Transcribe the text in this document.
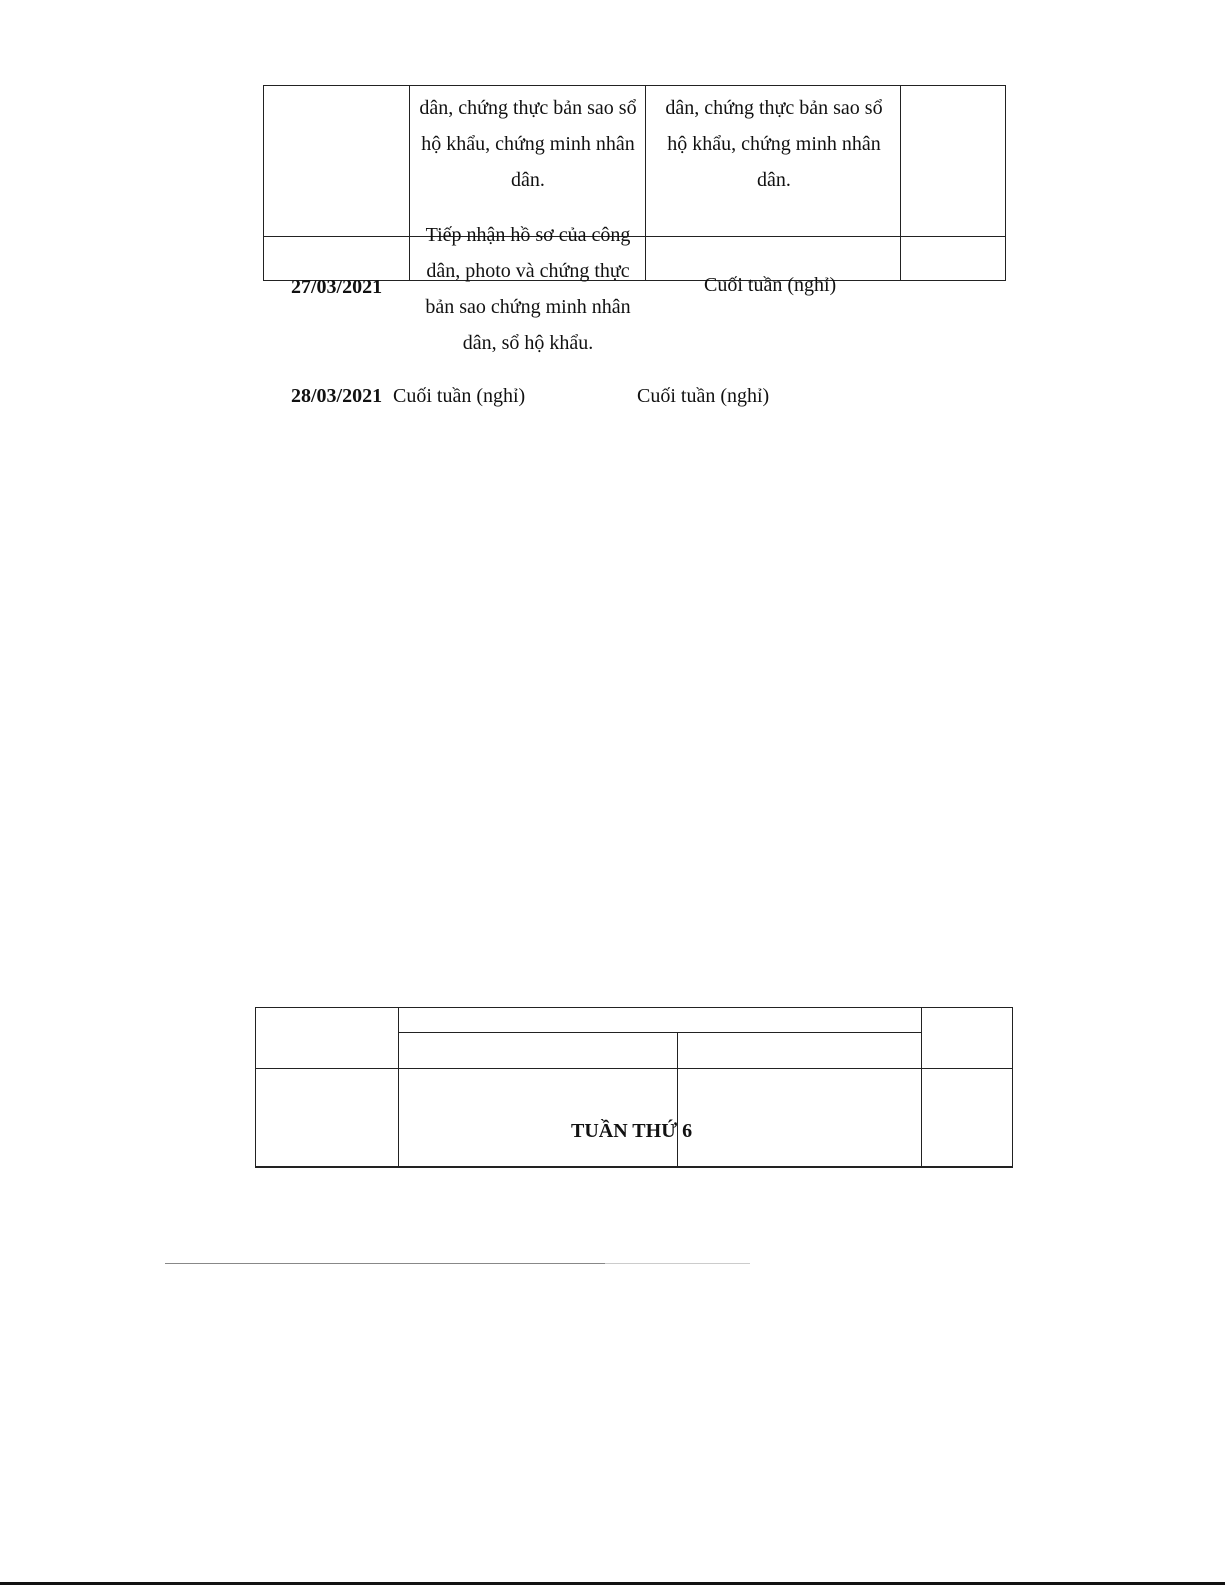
dân, chứng thực bản sao sổ hộ khẩu, chứng minh nhân dân.
dân, chứng thực bản sao sổ hộ khẩu, chứng minh nhân dân.
27/03/2021
Tiếp nhận hồ sơ của công dân, photo và chứng thực bản sao chứng minh nhân dân, sổ hộ khẩu.
Cuối tuần (nghỉ)
28/03/2021 Cuối tuần (nghỉ)	Cuối tuần (nghỉ)
TUẦN THỨ 6
